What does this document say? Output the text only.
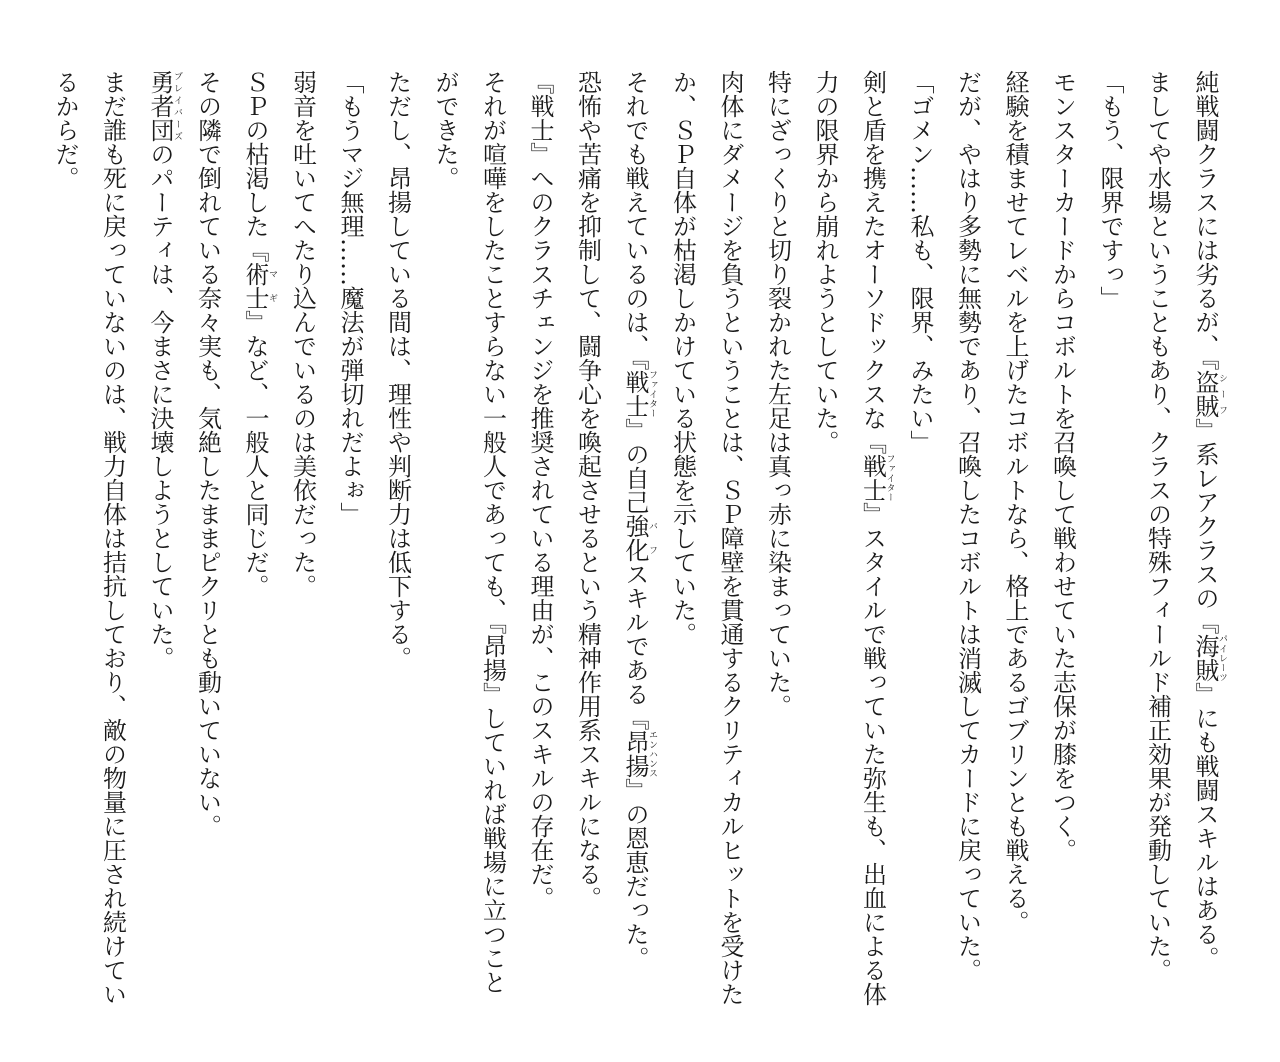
純戦闘クラスには劣るが、『盗賊シーフ』系レアクラスの『海賊パイレーツ』にも戦闘スキルはある。

ましてや水場ということもあり、クラスの特殊フィールド補正効果が発動していた。

「もう、限界ですっ」

モンスターカードからコボルトを召喚して戦わせていた志保が膝をつく。

経験を積ませてレベルを上げたコボルトなら、格上であるゴブリンとも戦える。

だが、やはり多勢に無勢であり、召喚したコボルトは消滅してカードに戻っていた。

「ゴメン……私も、限界、みたい」

剣と盾を携えたオーソドックスな『戦士ファイター』スタイルで戦っていた弥生も、出血による体力の限界から崩れようとしていた。

特にざっくりと切り裂かれた左足は真っ赤に染まっていた。

肉体にダメージを負うということは、ＳＰ障壁を貫通するクリティカルヒットを受けたか、ＳＰ自体が枯渇しかけている状態を示していた。

それでも戦えているのは、『戦士ファイター』の自己強化バフスキルである『昂揚エンハンス』の恩恵だった。

恐怖や苦痛を抑制して、闘争心を喚起させるという精神作用系スキルになる。

『戦士』へのクラスチェンジを推奨されている理由が、このスキルの存在だ。

それが喧嘩をしたことすらない一般人であっても、『昂揚』していれば戦場に立つことができた。

ただし、昂揚している間は、理性や判断力は低下する。

「もうマジ無理……魔法が弾切れだよぉ」

弱音を吐いてへたり込んでいるのは美依だった。

ＳＰの枯渇した『術士マギ』など、一般人と同じだ。

その隣で倒れている奈々実も、気絶したままピクリとも動いていない。

勇者団ブレイバーズのパーティは、今まさに決壊しようとしていた。

まだ誰も死に戻っていないのは、戦力自体は拮抗しており、敵の物量に圧され続けているからだ。
